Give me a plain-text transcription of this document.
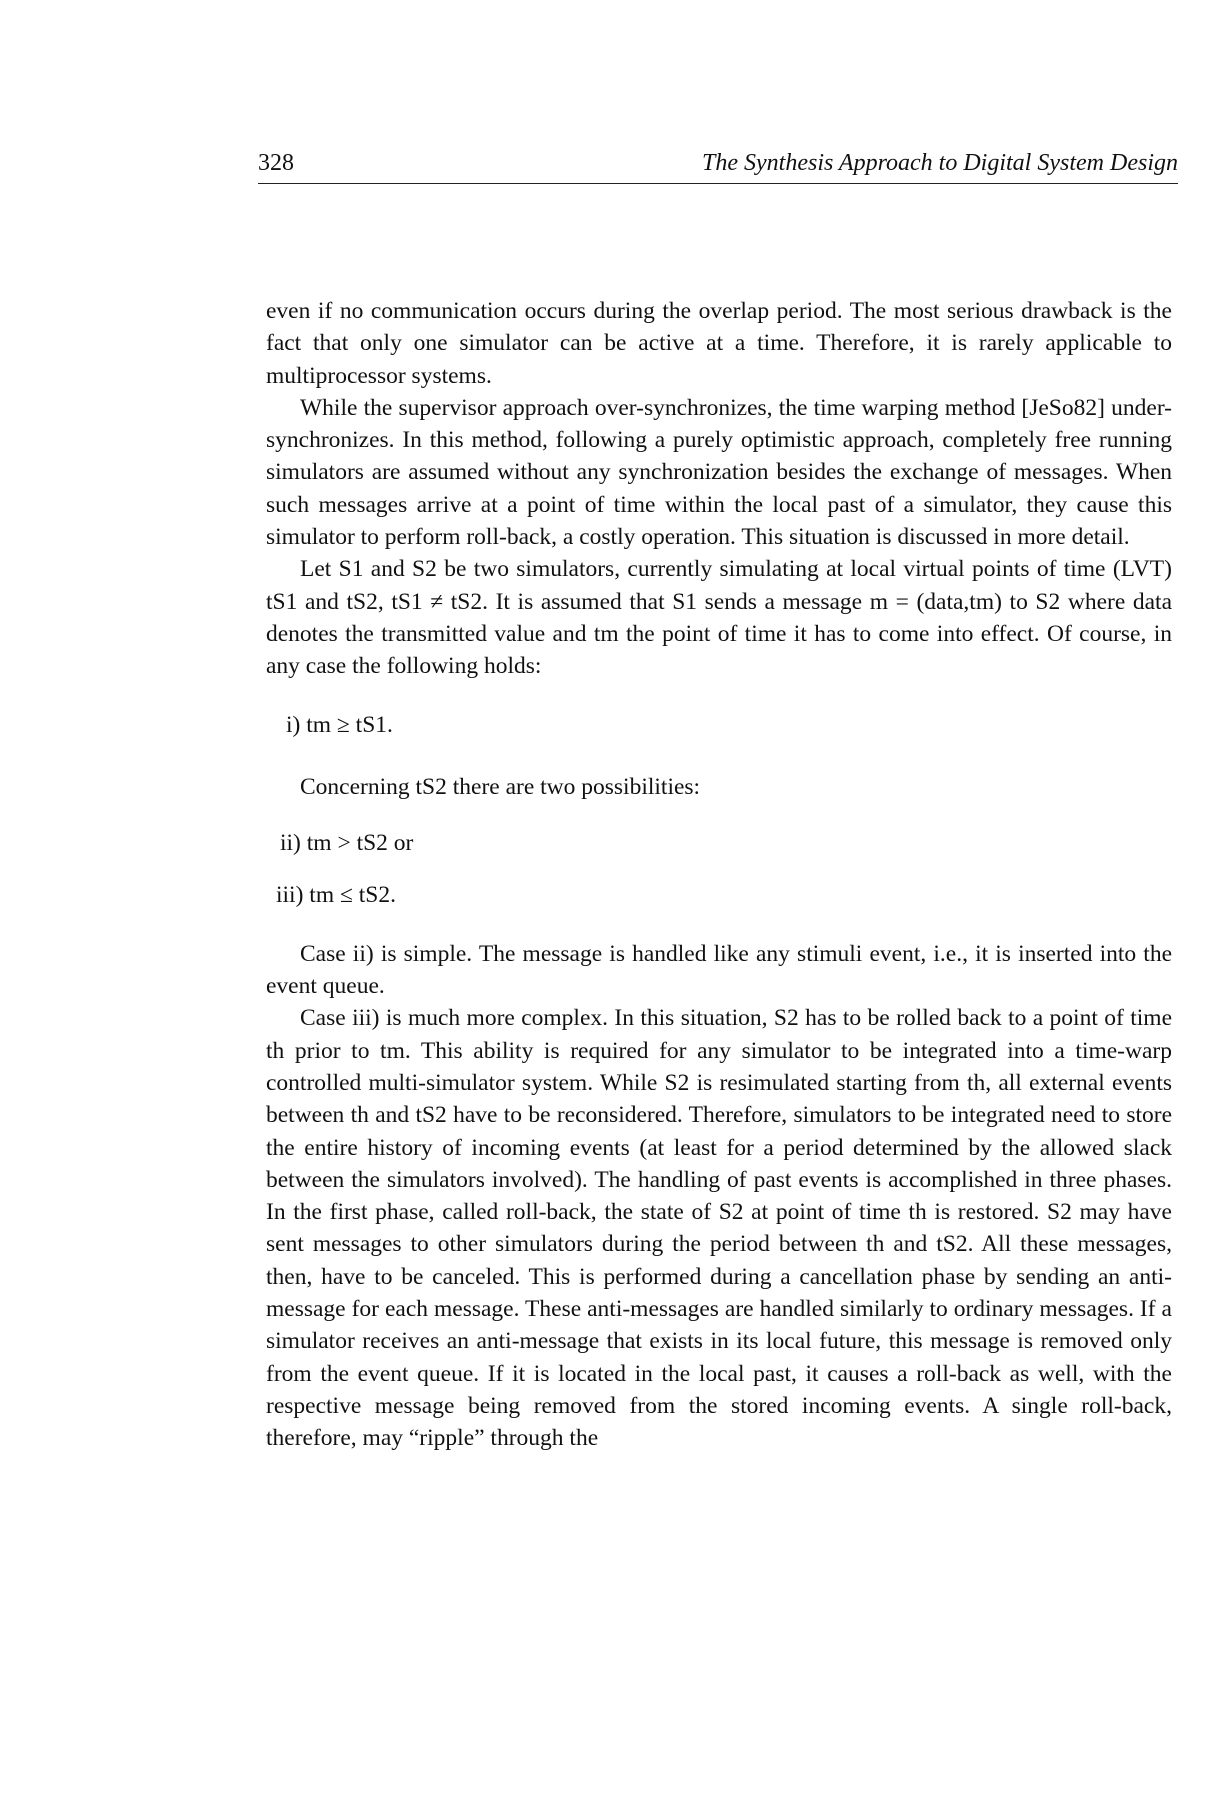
328	The Synthesis Approach to Digital System Design

even if no communication occurs during the overlap period. The most serious drawback is the fact that only one simulator can be active at a time. Therefore, it is rarely applicable to multiprocessor systems.

While the supervisor approach over-synchronizes, the time warping method [JeSo82] under-synchronizes. In this method, following a purely optimistic approach, completely free running simulators are assumed without any synchronization besides the exchange of messages. When such messages arrive at a point of time within the local past of a simulator, they cause this simulator to perform roll-back, a costly operation. This situation is discussed in more detail.

Let S1 and S2 be two simulators, currently simulating at local virtual points of time (LVT) tS1 and tS2, tS1 ≠ tS2. It is assumed that S1 sends a message m = (data,tm) to S2 where data denotes the transmitted value and tm the point of time it has to come into effect. Of course, in any case the following holds:

i) tm ≥ tS1.

Concerning tS2 there are two possibilities:

ii) tm > tS2 or
iii) tm ≤ tS2.

Case ii) is simple. The message is handled like any stimuli event, i.e., it is inserted into the event queue.

Case iii) is much more complex. In this situation, S2 has to be rolled back to a point of time th prior to tm. This ability is required for any simulator to be integrated into a time-warp controlled multi-simulator system. While S2 is resimulated starting from th, all external events between th and tS2 have to be reconsidered. Therefore, simulators to be integrated need to store the entire history of incoming events (at least for a period determined by the allowed slack between the simulators involved). The handling of past events is accomplished in three phases. In the first phase, called roll-back, the state of S2 at point of time th is restored. S2 may have sent messages to other simulators during the period between th and tS2. All these messages, then, have to be canceled. This is performed during a cancellation phase by sending an anti-message for each message. These anti-messages are handled similarly to ordinary messages. If a simulator receives an anti-message that exists in its local future, this message is removed only from the event queue. If it is located in the local past, it causes a roll-back as well, with the respective message being removed from the stored incoming events. A single roll-back, therefore, may “ripple” through the
